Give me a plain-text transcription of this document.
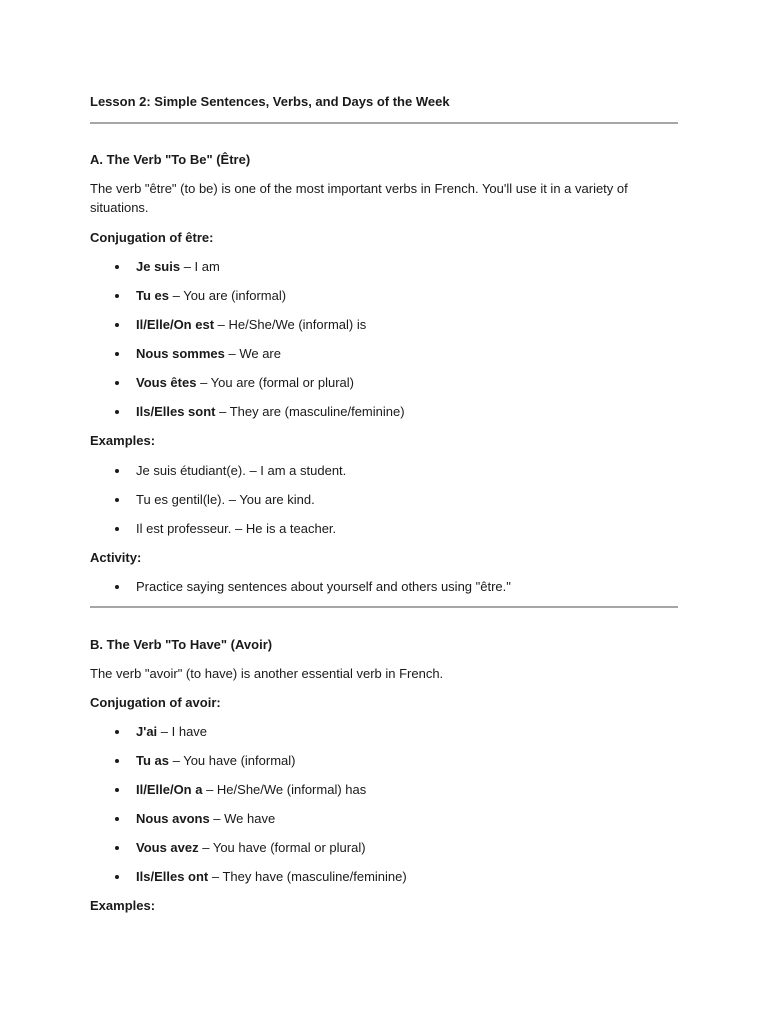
Lesson 2: Simple Sentences, Verbs, and Days of the Week
A. The Verb "To Be" (Être)
The verb "être" (to be) is one of the most important verbs in French. You'll use it in a variety of situations.
Conjugation of être:
Je suis – I am
Tu es – You are (informal)
Il/Elle/On est – He/She/We (informal) is
Nous sommes – We are
Vous êtes – You are (formal or plural)
Ils/Elles sont – They are (masculine/feminine)
Examples:
Je suis étudiant(e). – I am a student.
Tu es gentil(le). – You are kind.
Il est professeur. – He is a teacher.
Activity:
Practice saying sentences about yourself and others using "être."
B. The Verb "To Have" (Avoir)
The verb "avoir" (to have) is another essential verb in French.
Conjugation of avoir:
J'ai – I have
Tu as – You have (informal)
Il/Elle/On a – He/She/We (informal) has
Nous avons – We have
Vous avez – You have (formal or plural)
Ils/Elles ont – They have (masculine/feminine)
Examples:
